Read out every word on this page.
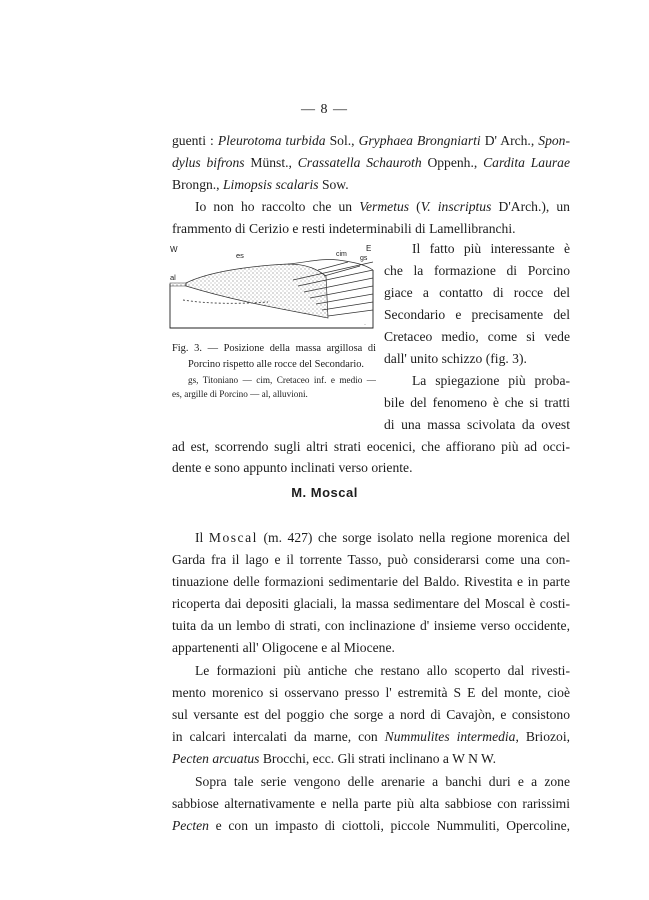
— 8 —
guenti : Pleurotoma turbida Sol., Gryphaea Brongniarti D' Arch., Spon-
dylus bifrons Münst., Crassatella Schauroth Oppenh., Cardita Laurae
Brongn., Limopsis scalaris Sow.
Io non ho raccolto che un Vermetus (V. inscriptus D'Arch.), un
frammento di Cerizio e resti indeterminabili di Lamellibranchi.
W	E
es	cim
gs
al
·
Fig. 3. — Posizione della massa argillosa di
Porcino rispetto alle rocce del Secondario.
gs, Titoniano — cim, Cretaceo inf. e medio —
es, argille di Porcino — al, alluvioni.
Il fatto più interessante è
che la formazione di Porcino
giace a contatto di rocce del
Secondario e precisamente del
Cretaceo medio, come si vede
dall' unito schizzo (fig. 3).
La spiegazione più proba-
bile del fenomeno è che si tratti
di una massa scivolata da ovest
ad est, scorrendo sugli altri strati eocenici, che affiorano più ad occi-
dente e sono appunto inclinati verso oriente.
M. Moscal
Il Moscal (m. 427) che sorge isolato nella regione morenica del
Garda fra il lago e il torrente Tasso, può considerarsi come una con-
tinuazione delle formazioni sedimentarie del Baldo. Rivestita e in parte
ricoperta dai depositi glaciali, la massa sedimentare del Moscal è costi-
tuita da un lembo di strati, con inclinazione d' insieme verso occidente,
appartenenti all' Oligocene e al Miocene.
Le formazioni più antiche che restano allo scoperto dal rivesti-
mento morenico si osservano presso l' estremità S E del monte, cioè
sul versante est del poggio che sorge a nord di Cavajòn, e consistono
in calcari intercalati da marne, con Nummulites intermedia, Briozoi,
Pecten arcuatus Brocchi, ecc. Gli strati inclinano a W N W.
Sopra tale serie vengono delle arenarie a banchi duri e a zone
sabbiose alternativamente e nella parte più alta sabbiose con rarissimi
Pecten e con un impasto di ciottoli, piccole Nummuliti, Opercoline,
